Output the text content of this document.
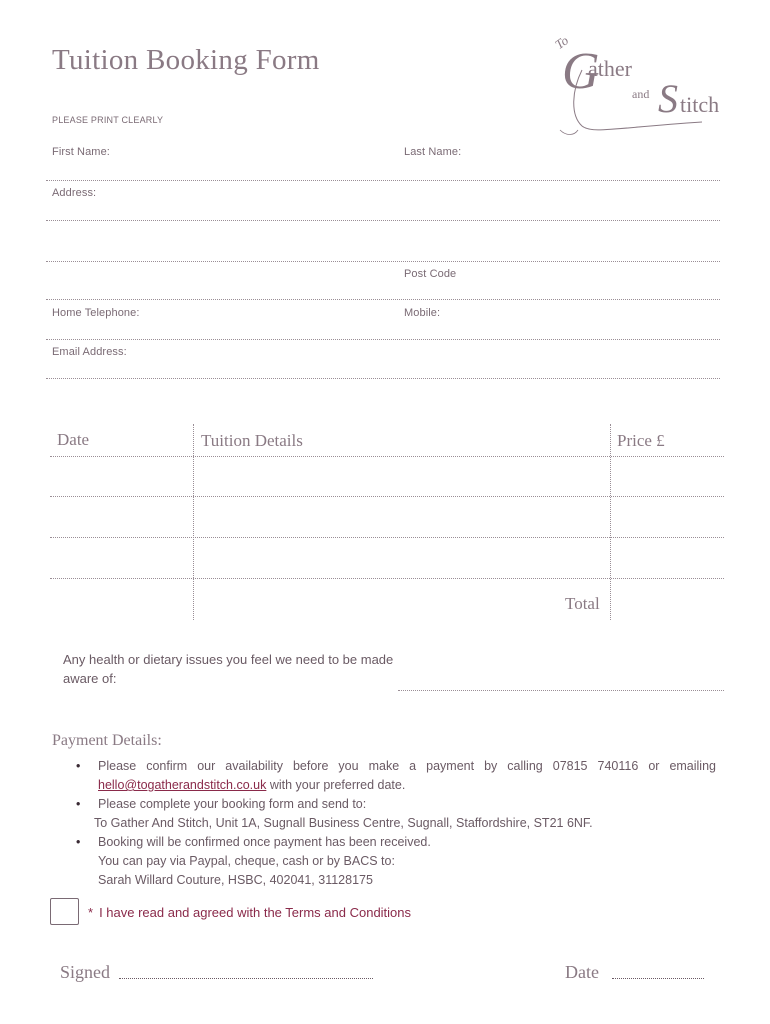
Tuition Booking Form
PLEASE PRINT CLEARLY
To
G
ather
and S titch
First Name:	Last Name:
Address:
Post Code
Home Telephone:	Mobile:
Email Address:
Date	Tuition Details	Price £
Total
Any health or dietary issues you feel we need to be made aware of:
Payment Details:
• Please confirm our availability before you make a payment by calling 07815 740116 or emailing
hello@togatherandstitch.co.uk with your preferred date.
• Please complete your booking form and send to:
To Gather And Stitch, Unit 1A, Sugnall Business Centre, Sugnall, Staffordshire, ST21 6NF.
• Booking will be confirmed once payment has been received.
You can pay via Paypal, cheque, cash or by BACS to:
Sarah Willard Couture, HSBC, 402041, 31128175
* I have read and agreed with the Terms and Conditions
Signed	Date
